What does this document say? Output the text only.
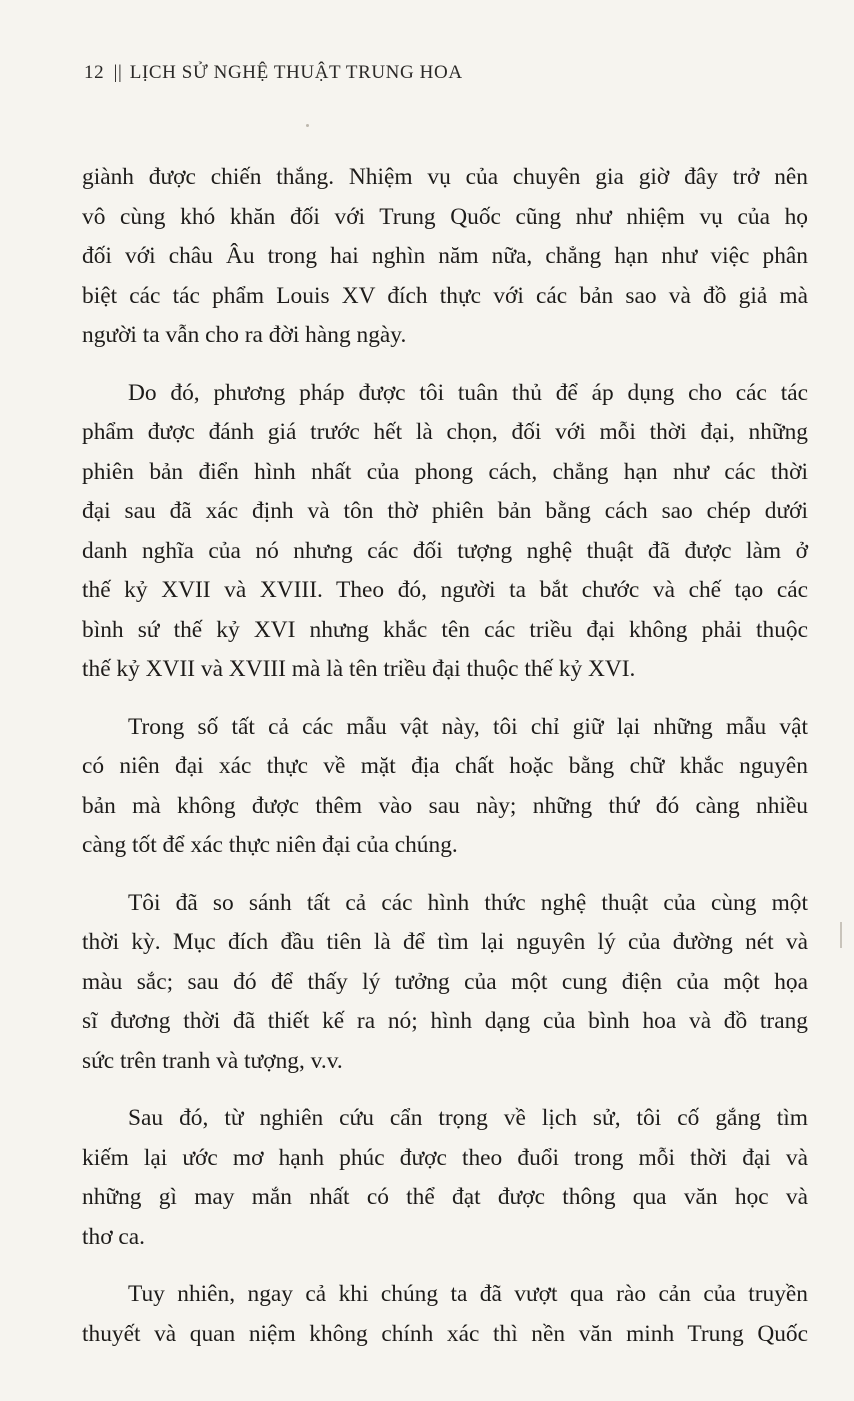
12 || LỊCH SỬ NGHỆ THUẬT TRUNG HOA
giành được chiến thắng. Nhiệm vụ của chuyên gia giờ đây trở nên
vô cùng khó khăn đối với Trung Quốc cũng như nhiệm vụ của họ
đối với châu Âu trong hai nghìn năm nữa, chẳng hạn như việc phân
biệt các tác phẩm Louis XV đích thực với các bản sao và đồ giả mà
người ta vẫn cho ra đời hàng ngày.
Do đó, phương pháp được tôi tuân thủ để áp dụng cho các tác
phẩm được đánh giá trước hết là chọn, đối với mỗi thời đại, những
phiên bản điển hình nhất của phong cách, chẳng hạn như các thời
đại sau đã xác định và tôn thờ phiên bản bằng cách sao chép dưới
danh nghĩa của nó nhưng các đối tượng nghệ thuật đã được làm ở
thế kỷ XVII và XVIII. Theo đó, người ta bắt chước và chế tạo các
bình sứ thế kỷ XVI nhưng khắc tên các triều đại không phải thuộc
thế kỷ XVII và XVIII mà là tên triều đại thuộc thế kỷ XVI.
Trong số tất cả các mẫu vật này, tôi chỉ giữ lại những mẫu vật
có niên đại xác thực về mặt địa chất hoặc bằng chữ khắc nguyên
bản mà không được thêm vào sau này; những thứ đó càng nhiều
càng tốt để xác thực niên đại của chúng.
Tôi đã so sánh tất cả các hình thức nghệ thuật của cùng một
thời kỳ. Mục đích đầu tiên là để tìm lại nguyên lý của đường nét và
màu sắc; sau đó để thấy lý tưởng của một cung điện của một họa
sĩ đương thời đã thiết kế ra nó; hình dạng của bình hoa và đồ trang
sức trên tranh và tượng, v.v.
Sau đó, từ nghiên cứu cẩn trọng về lịch sử, tôi cố gắng tìm
kiếm lại ước mơ hạnh phúc được theo đuổi trong mỗi thời đại và
những gì may mắn nhất có thể đạt được thông qua văn học và
thơ ca.
Tuy nhiên, ngay cả khi chúng ta đã vượt qua rào cản của truyền
thuyết và quan niệm không chính xác thì nền văn minh Trung Quốc
